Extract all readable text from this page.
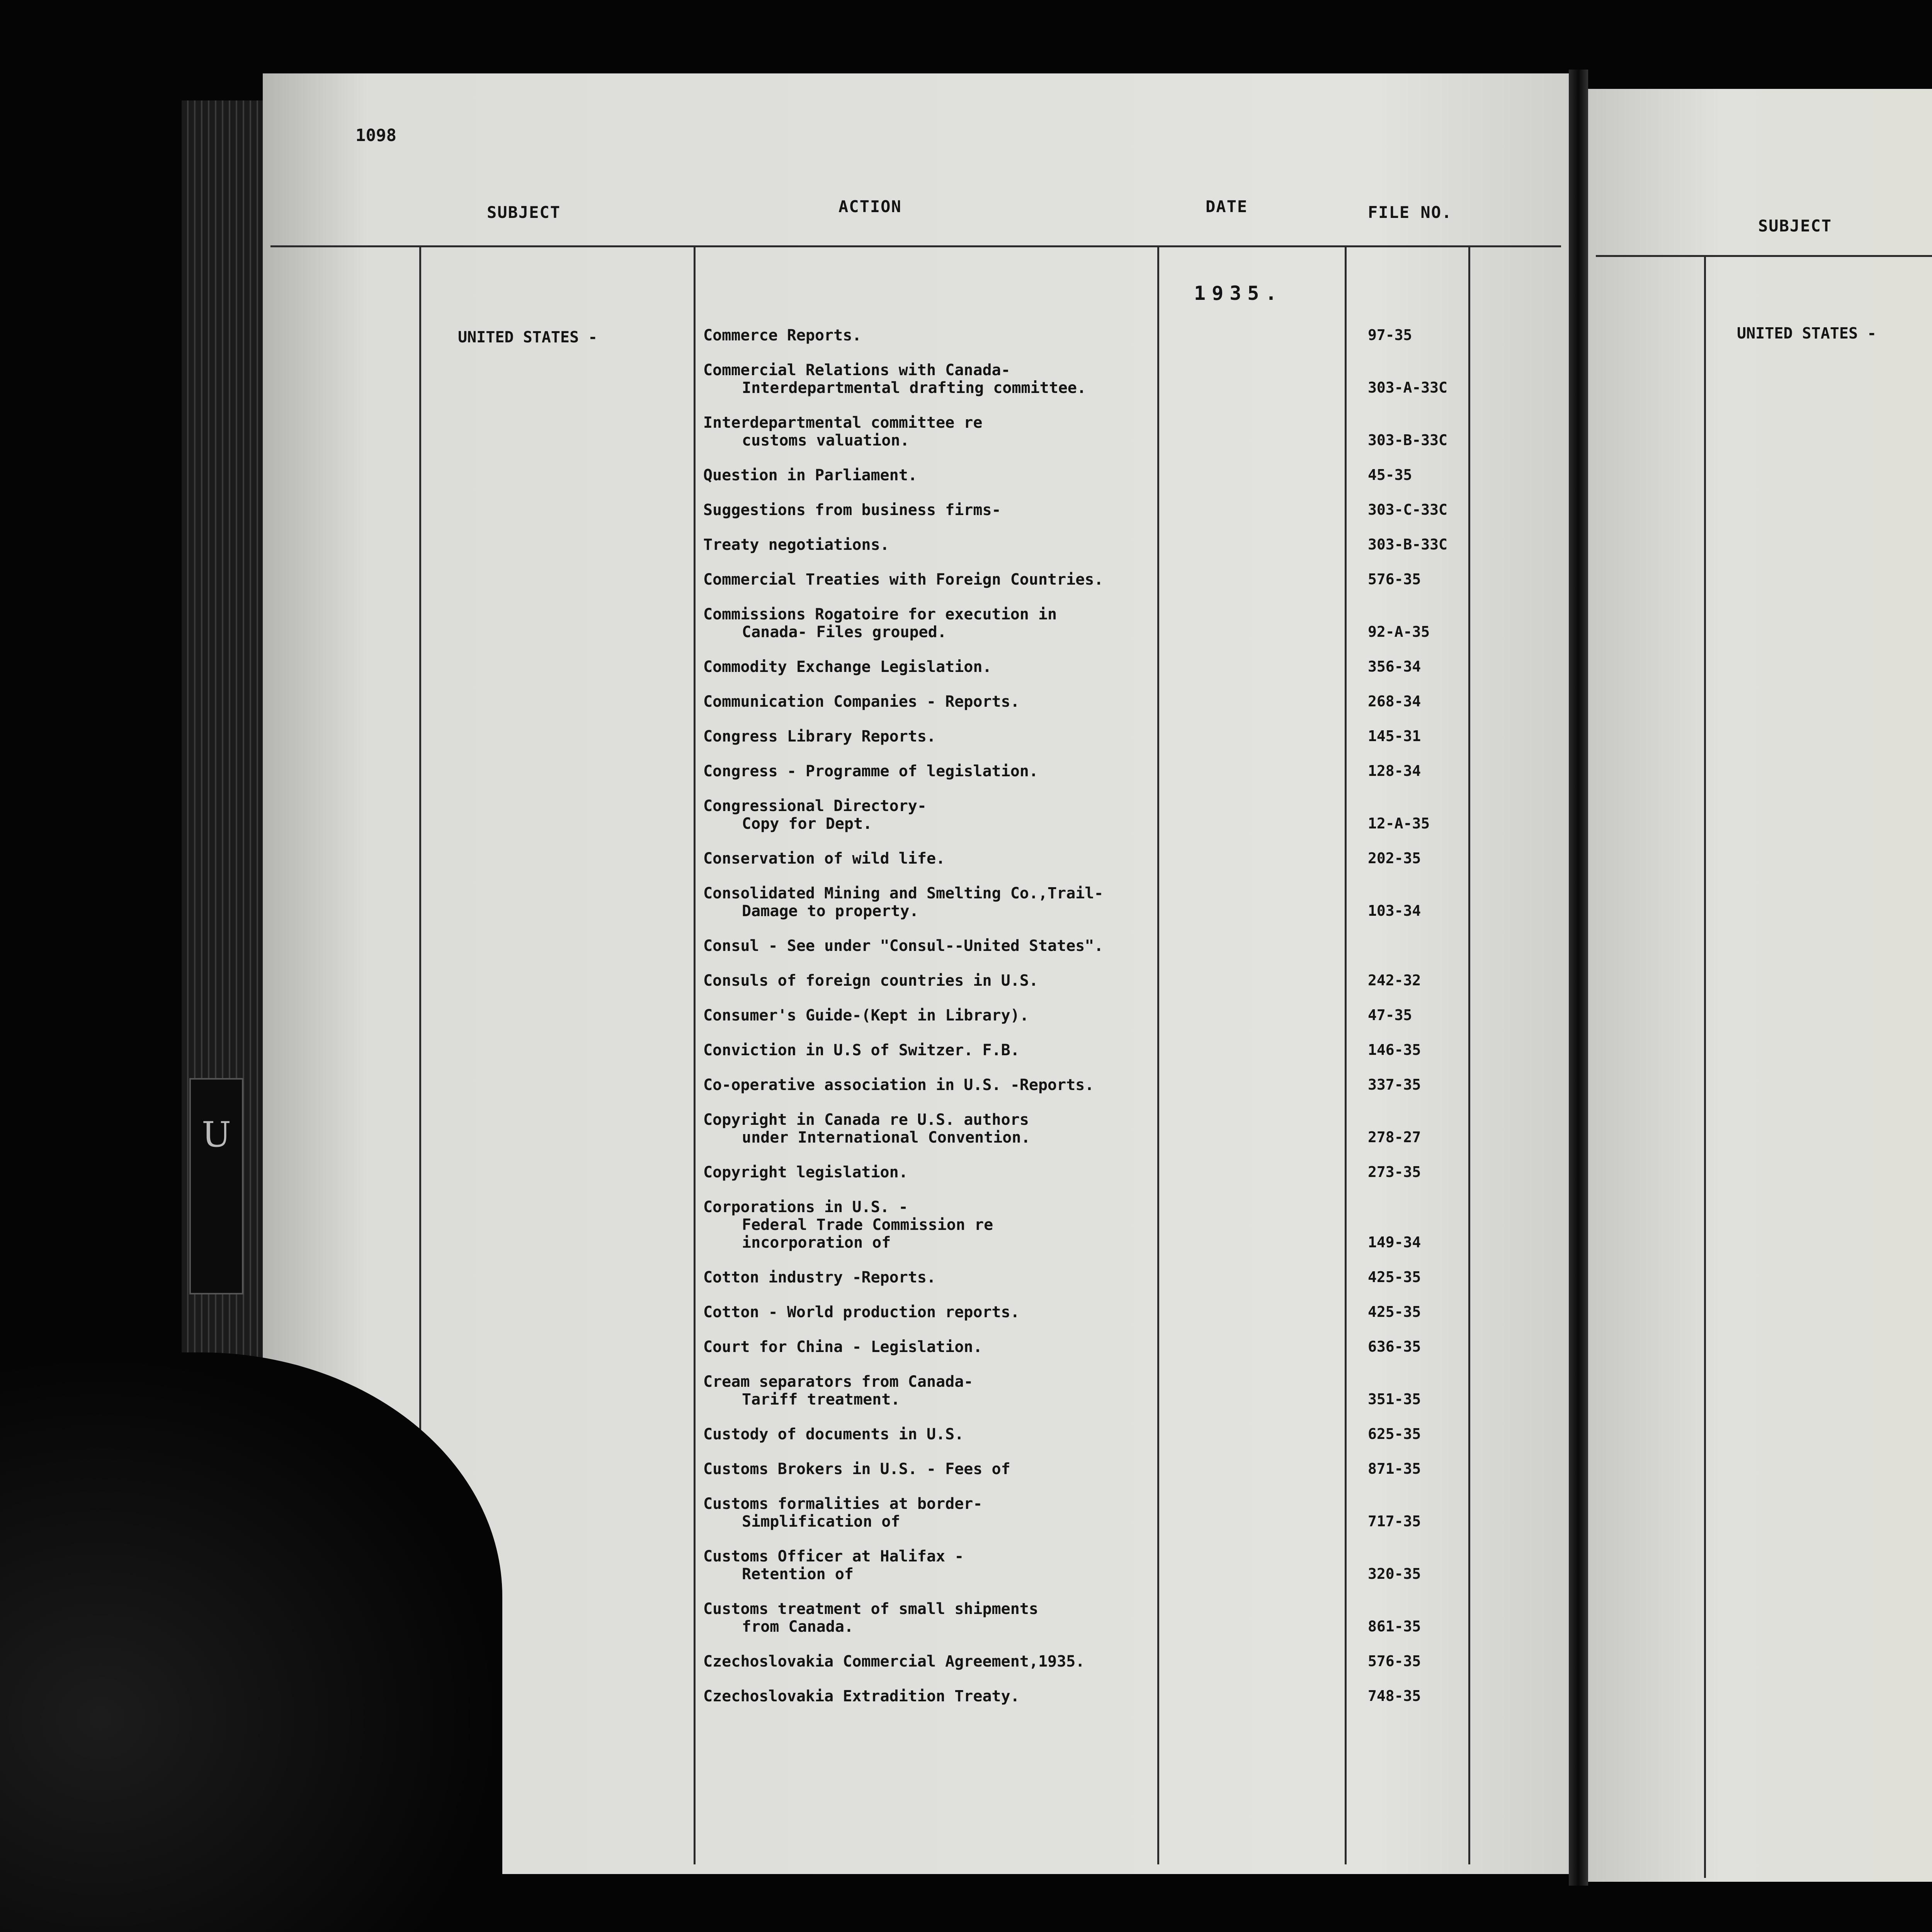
U
1098
SUBJECT	ACTION	DATE	FILE NO.
1935.
UNITED STATES -	Commerce Reports.	97-35
Commercial Relations with Canada-
Interdepartmental drafting committee.	303-A-33C
Interdepartmental committee re
customs valuation.	303-B-33C
Question in Parliament.	45-35
Suggestions from business firms-	303-C-33C
Treaty negotiations.	303-B-33C
Commercial Treaties with Foreign Countries.	576-35
Commissions Rogatoire for execution in
Canada- Files grouped.	92-A-35
Commodity Exchange Legislation.	356-34
Communication Companies - Reports.	268-34
Congress Library Reports.	145-31
Congress - Programme of legislation.	128-34
Congressional Directory-
Copy for Dept.	12-A-35
Conservation of wild life.	202-35
Consolidated Mining and Smelting Co.,Trail-
Damage to property.	103-34
Consul - See under "Consul--United States".
Consuls of foreign countries in U.S.	242-32
Consumer's Guide-(Kept in Library).	47-35
Conviction in U.S of Switzer. F.B.	146-35
Co-operative association in U.S. -Reports.	337-35
Copyright in Canada re U.S. authors
under International Convention.	278-27
Copyright legislation.	273-35
Corporations in U.S. -
Federal Trade Commission re
incorporation of	149-34
Cotton industry -Reports.	425-35
Cotton - World production reports.	425-35
Court for China - Legislation.	636-35
Cream separators from Canada-
Tariff treatment.	351-35
Custody of documents in U.S.	625-35
Customs Brokers in U.S. - Fees of	871-35
Customs formalities at border-
Simplification of	717-35
Customs Officer at Halifax -
Retention of	320-35
Customs treatment of small shipments
from Canada.	861-35
Czechoslovakia Commercial Agreement,1935.	576-35
Czechoslovakia Extradition Treaty.	748-35
SUBJECT
UNITED STATES -
